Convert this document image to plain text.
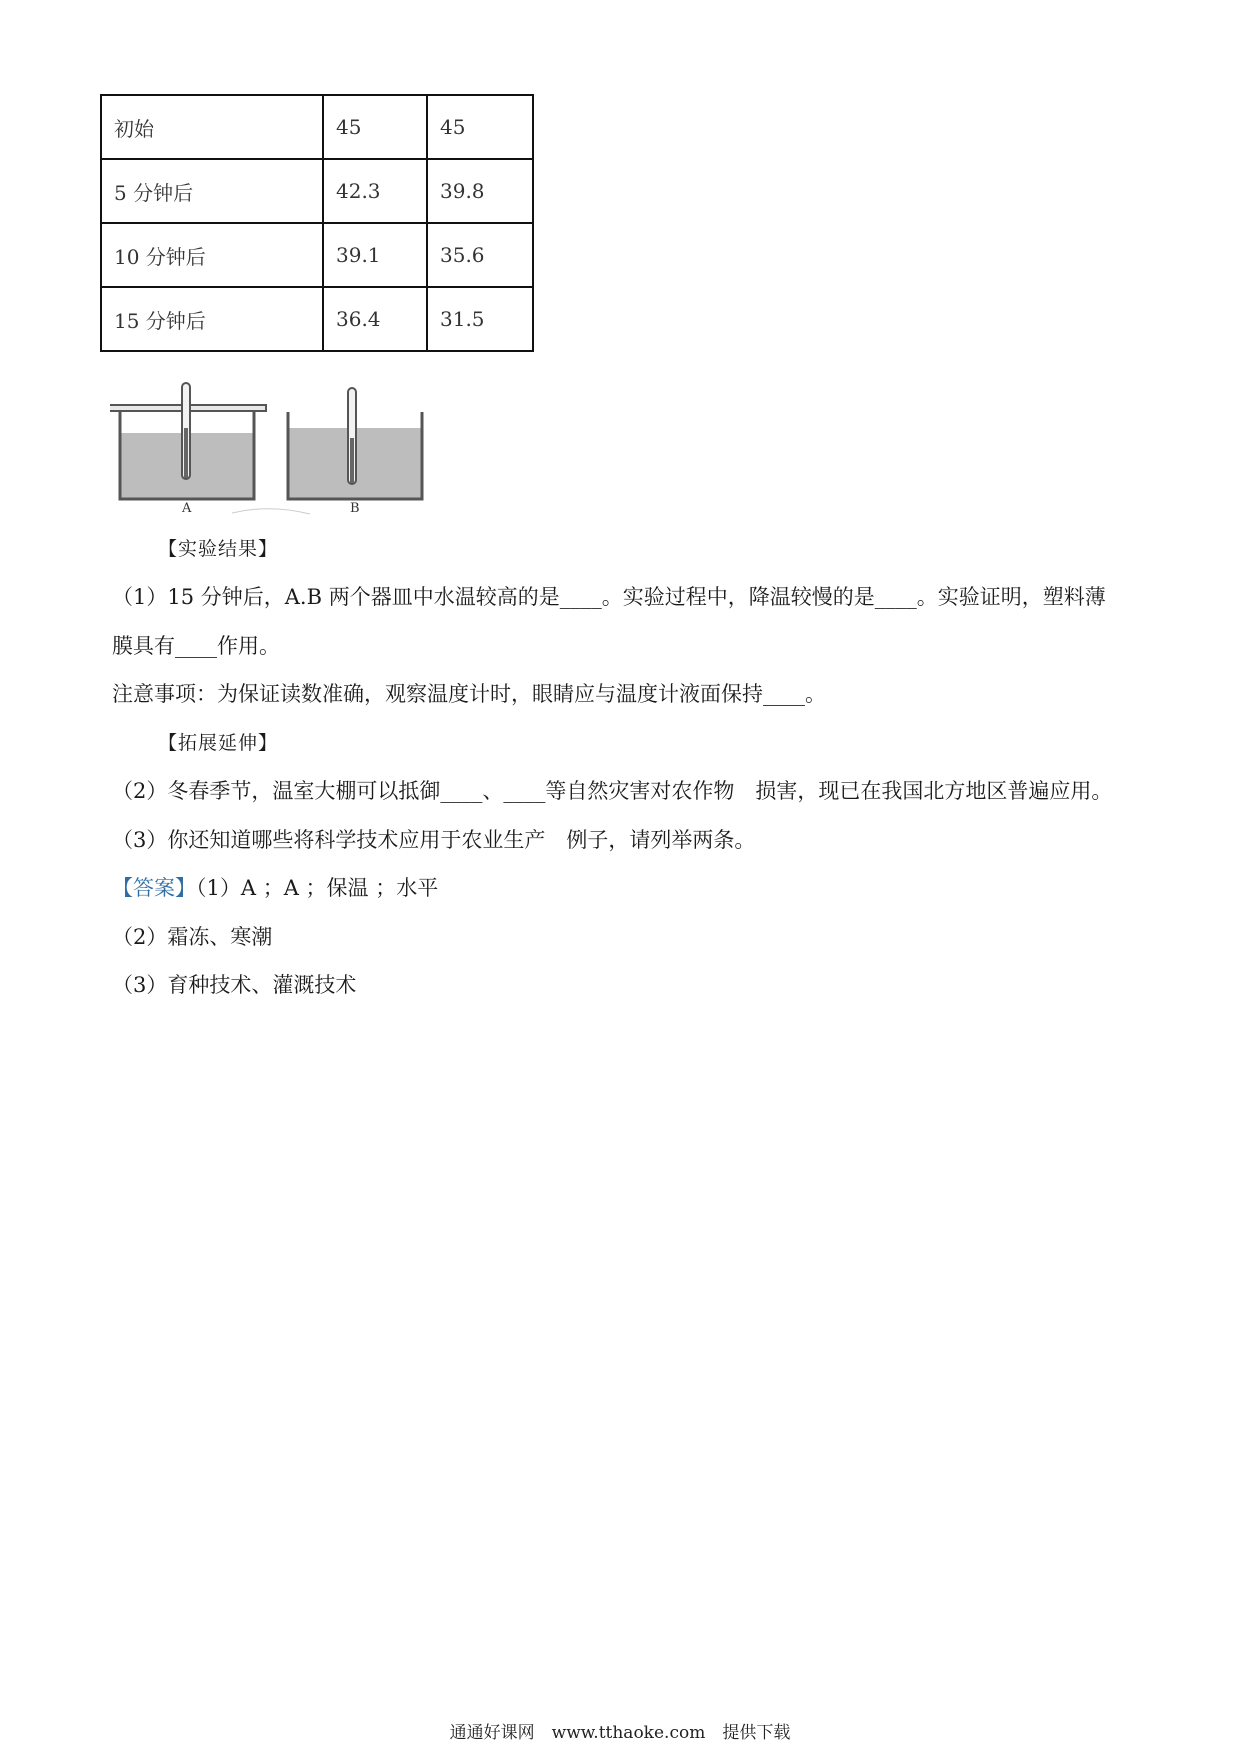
初始	45	45
5 分钟后	42.3	39.8
10 分钟后	39.1	35.6
15 分钟后	36.4	31.5
A	B
【实验结果】
（1）15 分钟后，A.B 两个器皿中水温较高的是____。实验过程中，降温较慢的是____。实验证明，塑料薄
膜具有____作用。
注意事项：为保证读数准确，观察温度计时，眼睛应与温度计液面保持____。
【拓展延伸】
（2）冬春季节，温室大棚可以抵御____、____等自然灾害对农作物　损害，现已在我国北方地区普遍应用。
（3）你还知道哪些将科学技术应用于农业生产　例子，请列举两条。
【答案】（1）A ；A ；保温 ；水平
（2）霜冻、寒潮
（3）育种技术、灌溉技术
通通好课网　www.tthaoke.com　提供下载
